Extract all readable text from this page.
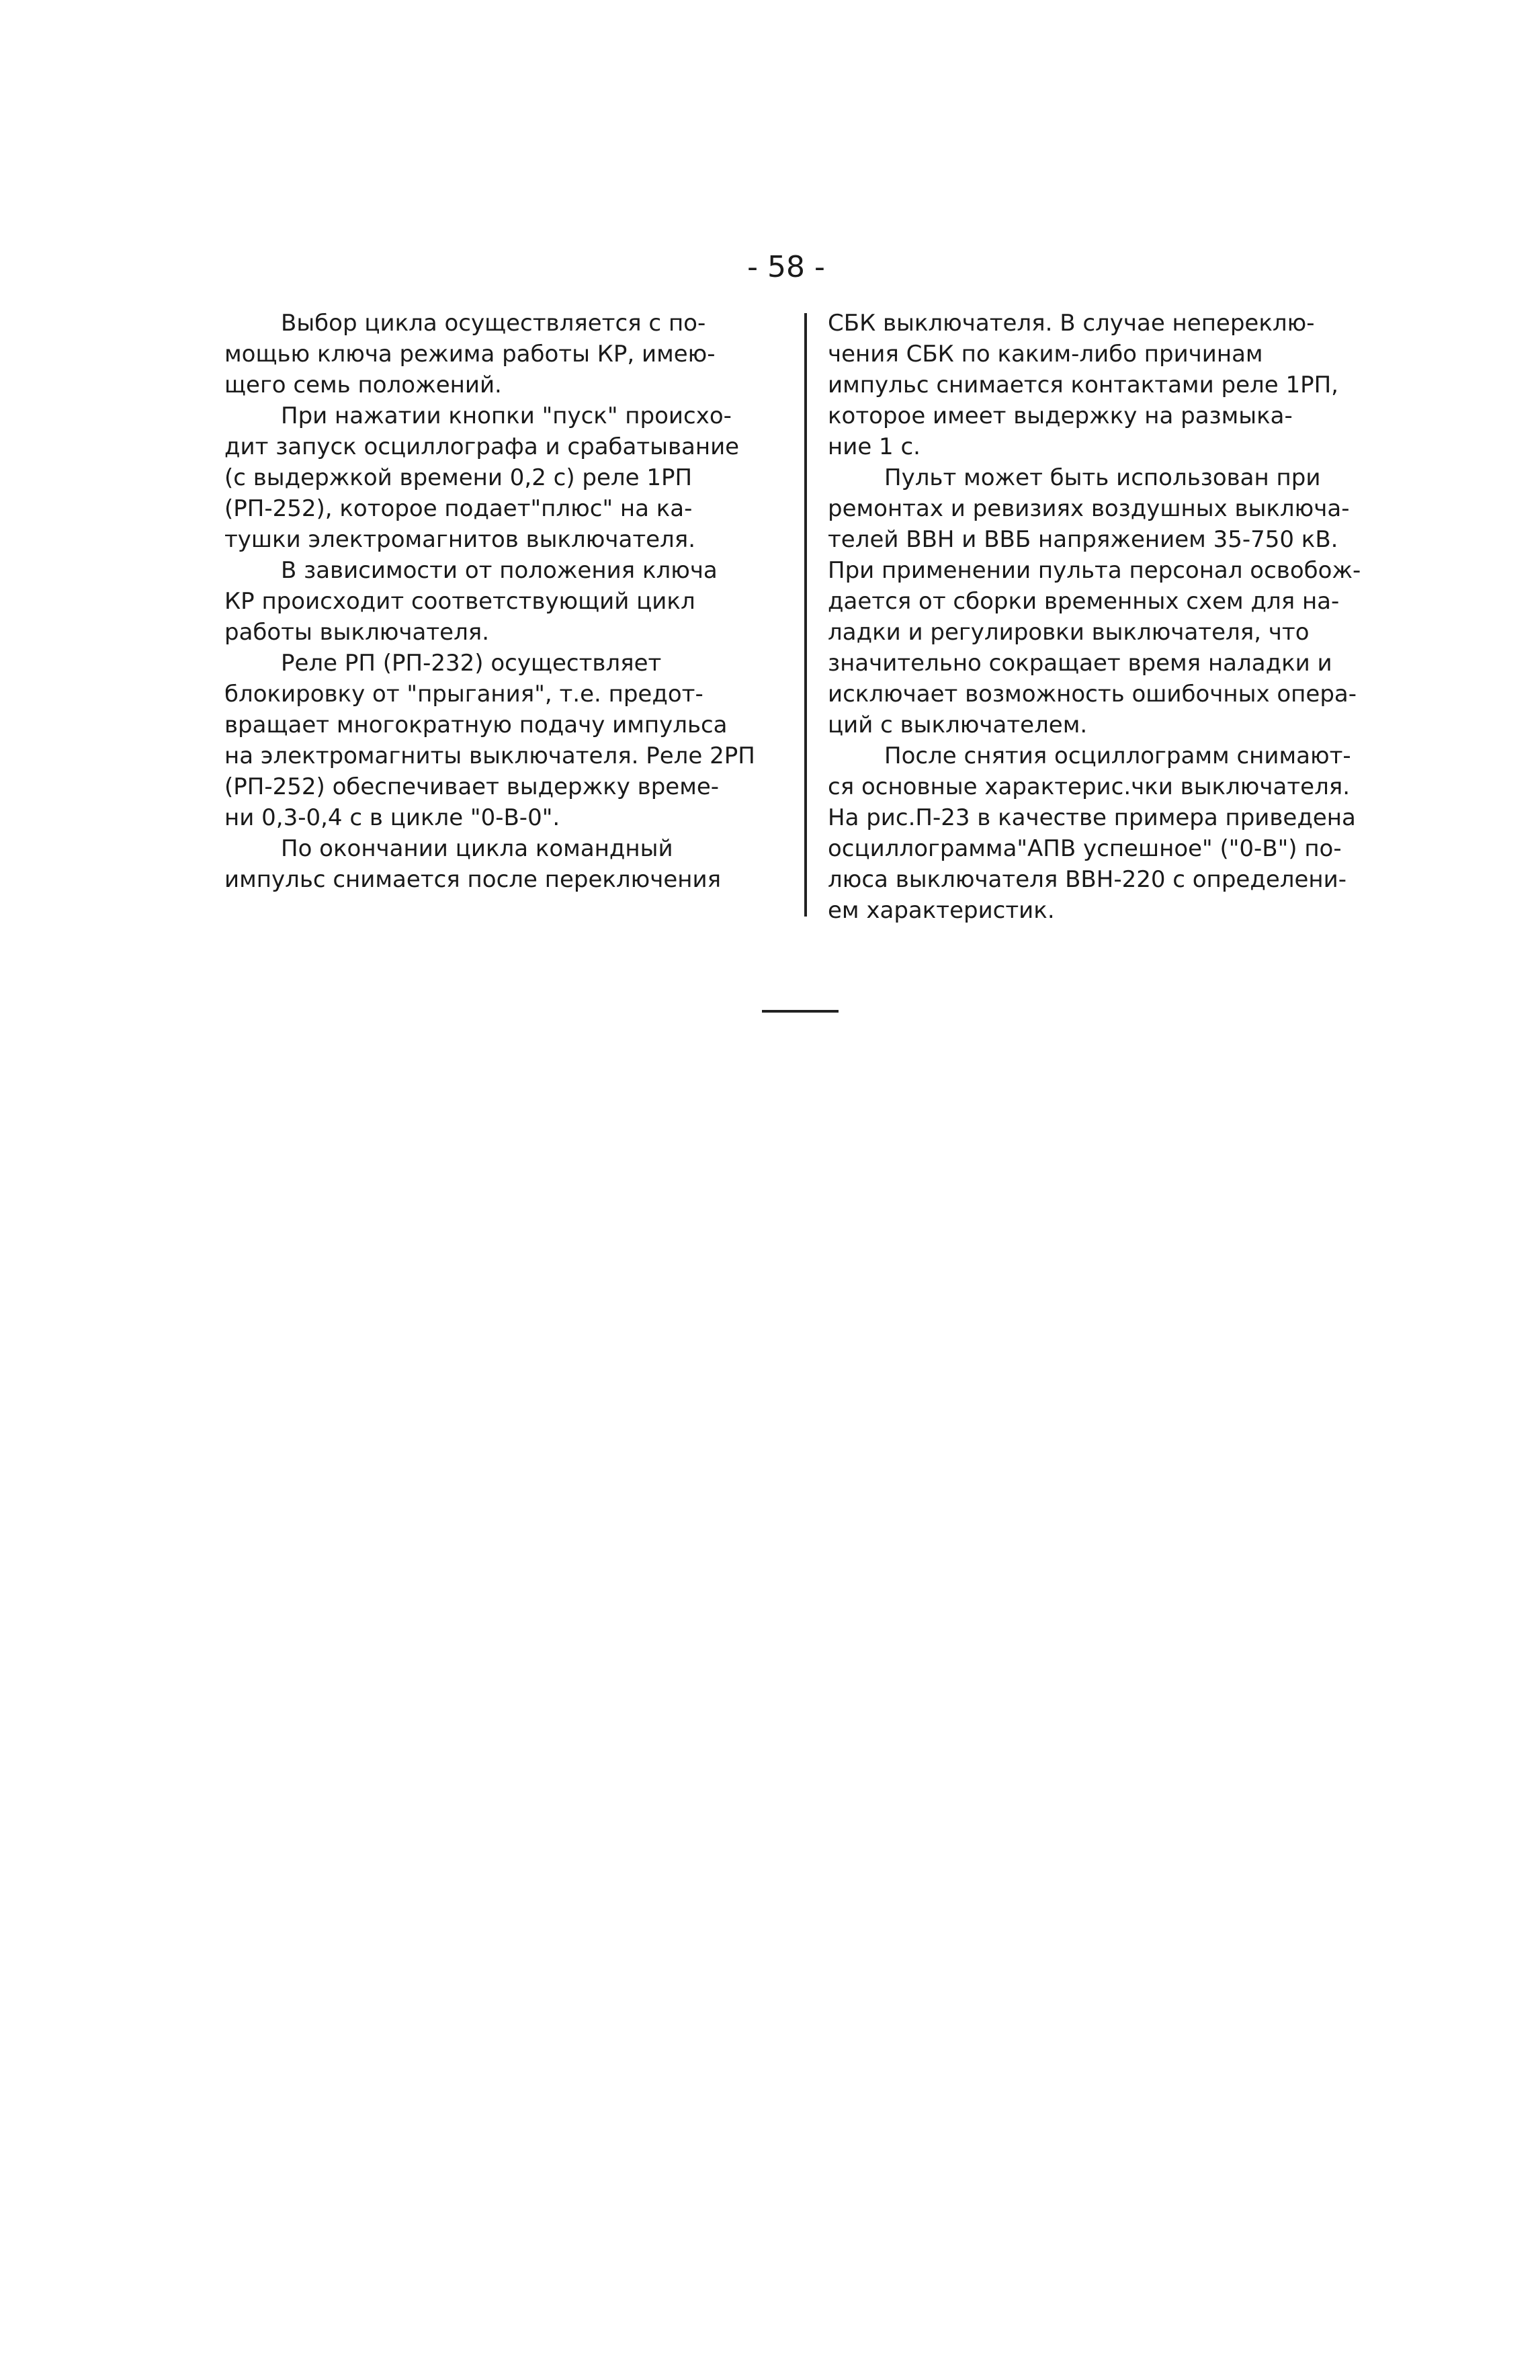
- 58 -
Выбор цикла осуществляется с по-
мощью ключа режима работы КР, имею-
щего семь положений.
При нажатии кнопки "пуск" происхо-
дит запуск осциллографа и срабатывание
(с выдержкой времени 0,2 с) реле 1РП
(РП-252), которое подает"плюс" на ка-
тушки электромагнитов выключателя.
В зависимости от положения ключа
КР происходит соответствующий цикл
работы выключателя.
Реле РП (РП-232) осуществляет
блокировку от "прыгания", т.е. предот-
вращает многократную подачу импульса
на электромагниты выключателя. Реле 2РП
(РП-252) обеспечивает выдержку време-
ни 0,3-0,4 с в цикле "0-В-0".
По окончании цикла командный
импульс снимается после переключения
СБК выключателя. В случае непереклю-
чения СБК по каким-либо причинам
импульс снимается контактами реле 1РП,
которое имеет выдержку на размыка-
ние 1 с.
Пульт может быть использован при
ремонтах и ревизиях воздушных выключа-
телей ВВН и ВВБ напряжением 35-750 кВ.
При применении пульта персонал освобож-
дается от сборки временных схем для на-
ладки и регулировки выключателя, что
значительно сокращает время наладки и
исключает возможность ошибочных опера-
ций с выключателем.
После снятия осциллограмм снимают-
ся основные характерис.чки выключателя.
На рис.П-23 в качестве примера приведена
осциллограмма"АПВ успешное" ("0-В") по-
люса выключателя ВВН-220 с определени-
ем характеристик.
